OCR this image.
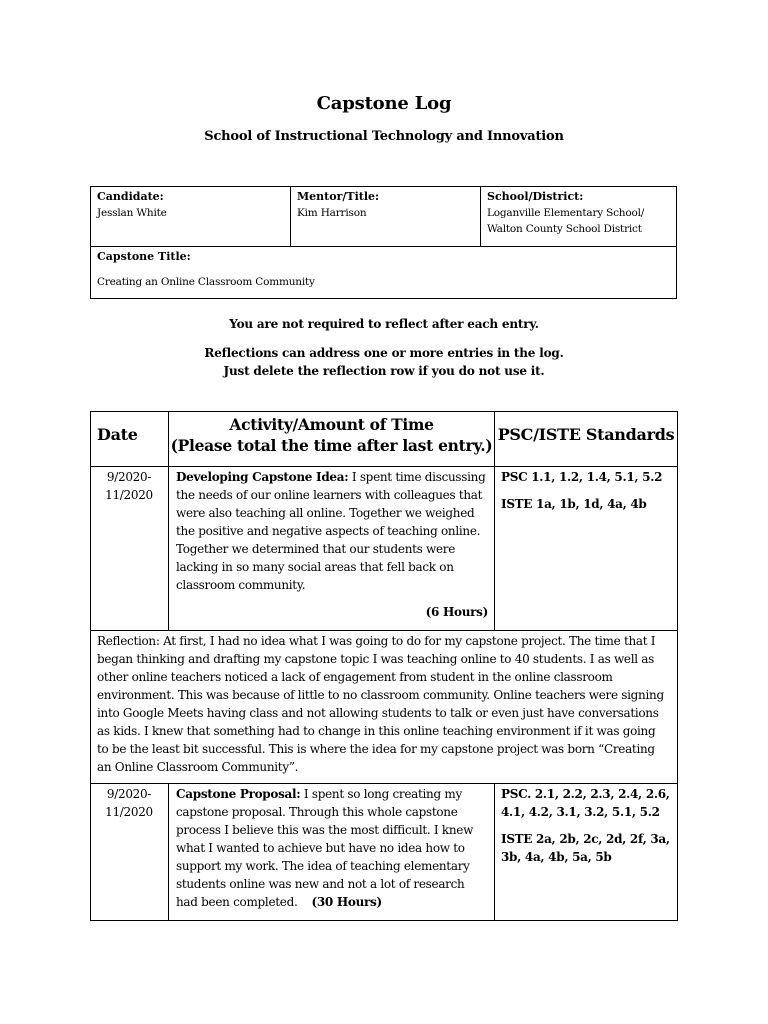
Capstone Log
School of Instructional Technology and Innovation
Candidate:
Jesslan White
Mentor/Title:
Kim Harrison
School/District:
Loganville Elementary School/
Walton County School District
Capstone Title:
Creating an Online Classroom Community
You are not required to reflect after each entry.
Reflections can address one or more entries in the log.
Just delete the reflection row if you do not use it.
Date
Activity/Amount of Time
(Please total the time after last entry.)
PSC/ISTE Standards
9/2020-
11/2020
Developing Capstone Idea: I spent time discussing
the needs of our online learners with colleagues that
were also teaching all online. Together we weighed
the positive and negative aspects of teaching online.
Together we determined that our students were
lacking in so many social areas that fell back on
classroom community.
(6 Hours)
PSC 1.1, 1.2, 1.4, 5.1, 5.2
ISTE 1a, 1b, 1d, 4a, 4b
Reflection: At first, I had no idea what I was going to do for my capstone project. The time that I
began thinking and drafting my capstone topic I was teaching online to 40 students. I as well as
other online teachers noticed a lack of engagement from student in the online classroom
environment. This was because of little to no classroom community. Online teachers were signing
into Google Meets having class and not allowing students to talk or even just have conversations
as kids. I knew that something had to change in this online teaching environment if it was going
to be the least bit successful. This is where the idea for my capstone project was born “Creating
an Online Classroom Community”.
9/2020-
11/2020
Capstone Proposal: I spent so long creating my
capstone proposal. Through this whole capstone
process I believe this was the most difficult. I knew
what I wanted to achieve but have no idea how to
support my work. The idea of teaching elementary
students online was new and not a lot of research
had been completed. (30 Hours)
PSC. 2.1, 2.2, 2.3, 2.4, 2.6,
4.1, 4.2, 3.1, 3.2, 5.1, 5.2
ISTE 2a, 2b, 2c, 2d, 2f, 3a,
3b, 4a, 4b, 5a, 5b
